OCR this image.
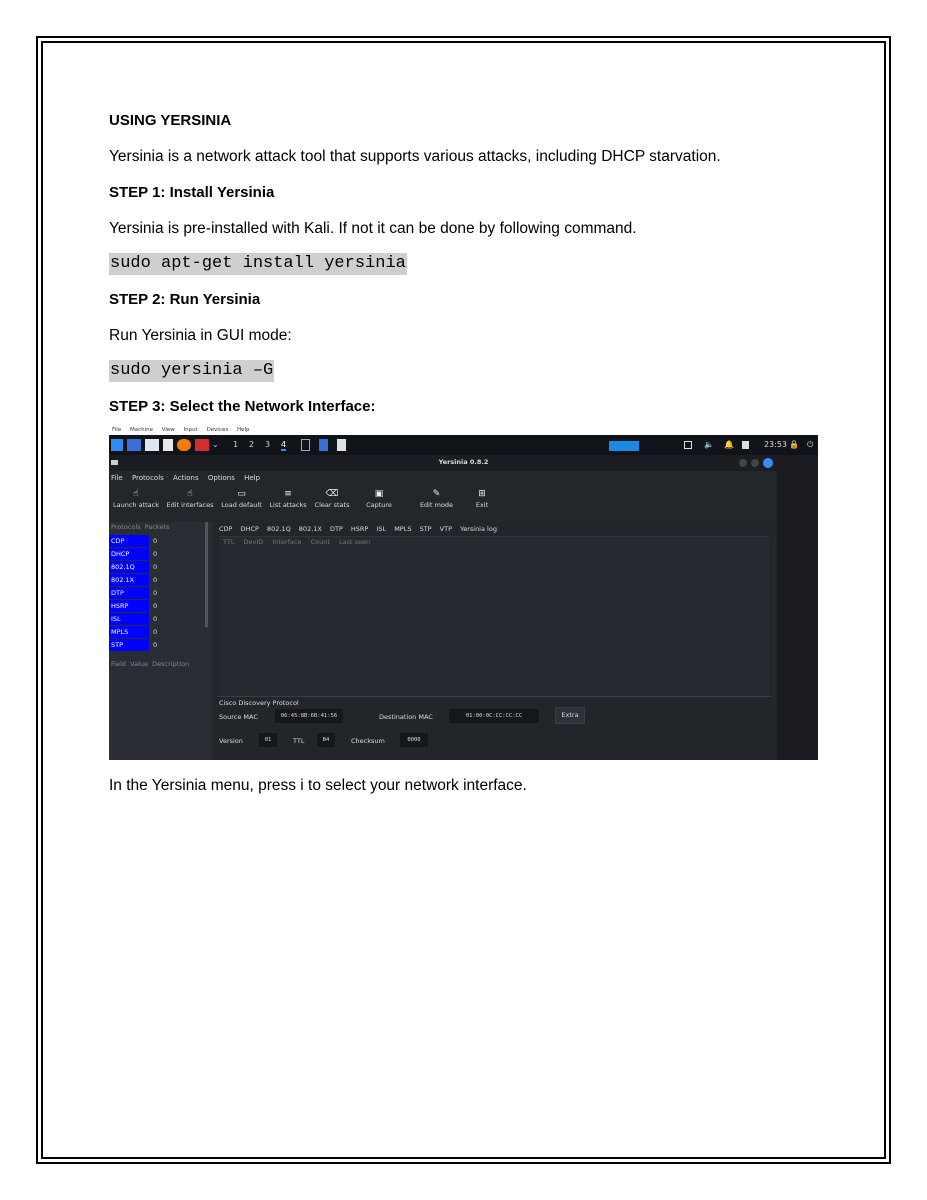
USING YERSINIA

Yersinia is a network attack tool that supports various attacks, including DHCP starvation.

STEP 1: Install Yersinia

Yersinia is pre-installed with Kali. If not it can be done by following command.

sudo apt-get install yersinia

STEP 2: Run Yersinia

Run Yersinia in GUI mode:

sudo yersinia –G

STEP 3: Select the Network Interface:

In the Yersinia menu, press i to select your network interface.

File Machine View Input Devices Help
⌄ 1 2 3 4	🔈 🔔	23:53 🔒 ⏻
Yersinia 0.8.2
File Protocols Actions Options Help
☝
Launch attack
☝
Edit interfaces
▭
Load default
≡
List attacks
⌫
Clear stats
▣
Capture
✎
Edit mode
⊞
Exit
Protocols Packets
CDP	0
DHCP	0
802.1Q	0
802.1X	0
DTP	0
HSRP	0
ISL	0
MPLS	0
STP	0
Field Value Description
CDP DHCP 802.1Q 802.1X DTP HSRP ISL MPLS STP VTP Yersinia log
TTL DevID Interface Count Last seen
Cisco Discovery Protocol
Source MAC	06:45:8B:6B:41:56	Destination MAC	01:00:0C:CC:CC:CC	Extra
Version	01	TTL	B4	Checksum	0000
